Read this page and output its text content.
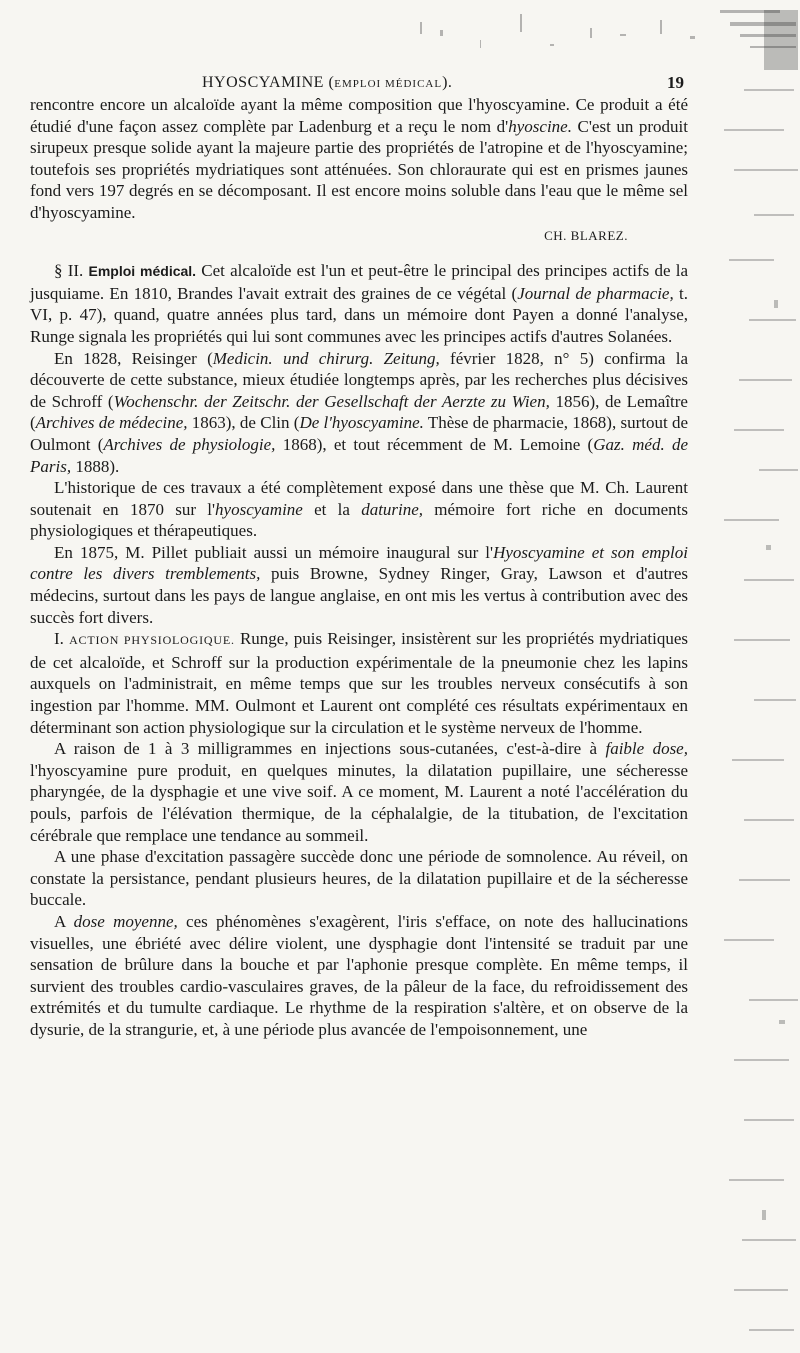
HYOSCYAMINE (EMPLOI MÉDICAL).	19

rencontre encore un alcaloïde ayant la même composition que l'hyoscyamine. Ce produit a été étudié d'une façon assez complète par Ladenburg et a reçu le nom d'hyoscine. C'est un produit sirupeux presque solide ayant la majeure partie des propriétés de l'atropine et de l'hyoscyamine; toutefois ses propriétés mydriatiques sont atténuées. Son chloraurate qui est en prismes jaunes fond vers 197 degrés en se décomposant. Il est encore moins soluble dans l'eau que le même sel d'hyoscyamine.

CH. BLAREZ.

§ II. Emploi médical. Cet alcaloïde est l'un et peut-être le principal des principes actifs de la jusquiame. En 1810, Brandes l'avait extrait des graines de ce végétal (Journal de pharmacie, t. VI, p. 47), quand, quatre années plus tard, dans un mémoire dont Payen a donné l'analyse, Runge signala les propriétés qui lui sont communes avec les principes actifs d'autres Solanées.

En 1828, Reisinger (Medicin. und chirurg. Zeitung, février 1828, n° 5) confirma la découverte de cette substance, mieux étudiée longtemps après, par les recherches plus décisives de Schroff (Wochenschr. der Zeitschr. der Gesellschaft der Aerzte zu Wien, 1856), de Lemaître (Archives de médecine, 1863), de Clin (De l'hyoscyamine. Thèse de pharmacie, 1868), surtout de Oulmont (Archives de physiologie, 1868), et tout récemment de M. Lemoine (Gaz. méd. de Paris, 1888).

L'historique de ces travaux a été complètement exposé dans une thèse que M. Ch. Laurent soutenait en 1870 sur l'hyoscyamine et la daturine, mémoire fort riche en documents physiologiques et thérapeutiques.

En 1875, M. Pillet publiait aussi un mémoire inaugural sur l'Hyoscyamine et son emploi contre les divers tremblements, puis Browne, Sydney Ringer, Gray, Lawson et d'autres médecins, surtout dans les pays de langue anglaise, en ont mis les vertus à contribution avec des succès fort divers.

I. ACTION PHYSIOLOGIQUE. Runge, puis Reisinger, insistèrent sur les propriétés mydriatiques de cet alcaloïde, et Schroff sur la production expérimentale de la pneumonie chez les lapins auxquels on l'administrait, en même temps que sur les troubles nerveux consécutifs à son ingestion par l'homme. MM. Oulmont et Laurent ont complété ces résultats expérimentaux en déterminant son action physiologique sur la circulation et le système nerveux de l'homme.

A raison de 1 à 3 milligrammes en injections sous-cutanées, c'est-à-dire à faible dose, l'hyoscyamine pure produit, en quelques minutes, la dilatation pupillaire, une sécheresse pharyngée, de la dysphagie et une vive soif. A ce moment, M. Laurent a noté l'accélération du pouls, parfois de l'élévation thermique, de la céphalalgie, de la titubation, de l'excitation cérébrale que remplace une tendance au sommeil.

A une phase d'excitation passagère succède donc une période de somnolence. Au réveil, on constate la persistance, pendant plusieurs heures, de la dilatation pupillaire et de la sécheresse buccale.

A dose moyenne, ces phénomènes s'exagèrent, l'iris s'efface, on note des hallucinations visuelles, une ébriété avec délire violent, une dysphagie dont l'intensité se traduit par une sensation de brûlure dans la bouche et par l'aphonie presque complète. En même temps, il survient des troubles cardio-vasculaires graves, de la pâleur de la face, du refroidissement des extrémités et du tumulte cardiaque. Le rhythme de la respiration s'altère, et on observe de la dysurie, de la strangurie, et, à une période plus avancée de l'empoisonnement, une
